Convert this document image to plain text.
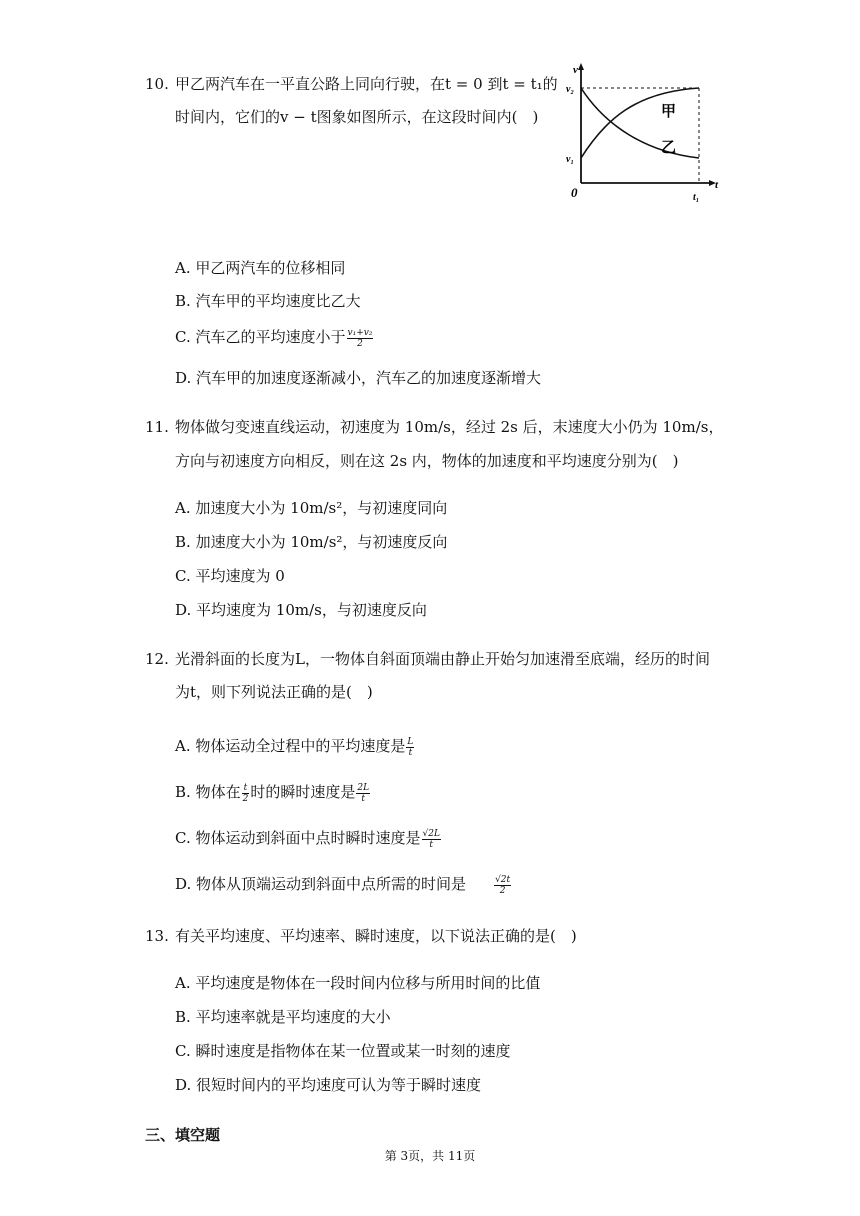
10. 甲乙两汽车在一平直公路上同向行驶，在t = 0 到t = t₁的
时间内，它们的v − t图象如图所示，在这段时间内(　)
v
t
v₂
v₁
0	t₁
甲
乙
A. 甲乙两汽车的位移相同
B. 汽车甲的平均速度比乙大
C. 汽车乙的平均速度小于 $\frac{\text{v₁+v₂}}{2}$
D. 汽车甲的加速度逐渐减小，汽车乙的加速度逐渐增大
11. 物体做匀变速直线运动，初速度为 10m/s，经过 2s 后，末速度大小仍为 10m/s，
方向与初速度方向相反，则在这 2s 内，物体的加速度和平均速度分别为(　)
A. 加速度大小为 10m/s²，与初速度同向
B. 加速度大小为 10m/s²，与初速度反向
C. 平均速度为 0
D. 平均速度为 10m/s，与初速度反向
12. 光滑斜面的长度为L，一物体自斜面顶端由静止开始匀加速滑至底端，经历的时间
为t，则下列说法正确的是(　)
A. 物体运动全过程中的平均速度是 $\frac{L}{t}$
B. 物体在 $\frac{t}{2}$ 时的瞬时速度是 $\frac{2L}{t}$
C. 物体运动到斜面中点时瞬时速度是 $\frac{√2L}{t}$
D. 物体从顶端运动到斜面中点所需的时间是	$\frac{√2t}{2}$
13. 有关平均速度、平均速率、瞬时速度，以下说法正确的是(　)
A. 平均速度是物体在一段时间内位移与所用时间的比值
B. 平均速率就是平均速度的大小
C. 瞬时速度是指物体在某一位置或某一时刻的速度
D. 很短时间内的平均速度可认为等于瞬时速度
三、填空题
第 3页，共 11页
